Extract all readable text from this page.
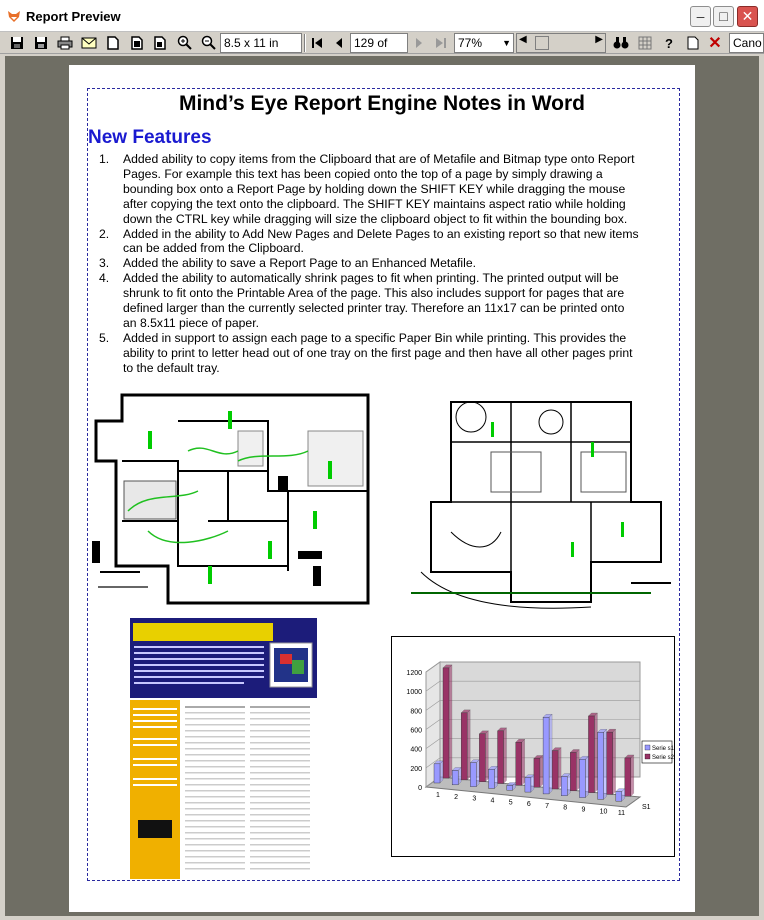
Report Preview	–	□ ✕
8.5 x 11 in	129 of	77% ▼ ◀	▶	?	✕ Cano
Mind’s Eye Report Engine Notes in Word
New Features
1. Added ability to copy items from the Clipboard that are of Metafile and Bitmap type onto Report Pages. For example this text has been copied onto the top of a page by simply drawing a bounding box onto a Report Page by holding down the SHIFT KEY while dragging the mouse after copying the text onto the clipboard. The SHIFT KEY maintains aspect ratio while holding down the CTRL key while dragging will size the clipboard object to fit within the bounding box.
2. Added in the ability to Add New Pages and Delete Pages to an existing report so that new items can be added from the Clipboard.
3. Added the ability to save a Report Page to an Enhanced Metafile.
4. Added the ability to automatically shrink pages to fit when printing. The printed output will be shrunk to fit onto the Printable Area of the page. This also includes support for pages that are defined larger than the currently selected printer tray. Therefore an 11x17 can be printed onto an 8.5x11 piece of paper.
5. Added in support to assign each page to a specific Paper Bin while printing. This provides the ability to print to letter head out of one tray on the first page and then have all other pages print to the default tray.
0
200
400
600
800
1000
1200
1 2 3 4 5 6 7 8 9 10 11
S1
Serie s1
Serie s2
